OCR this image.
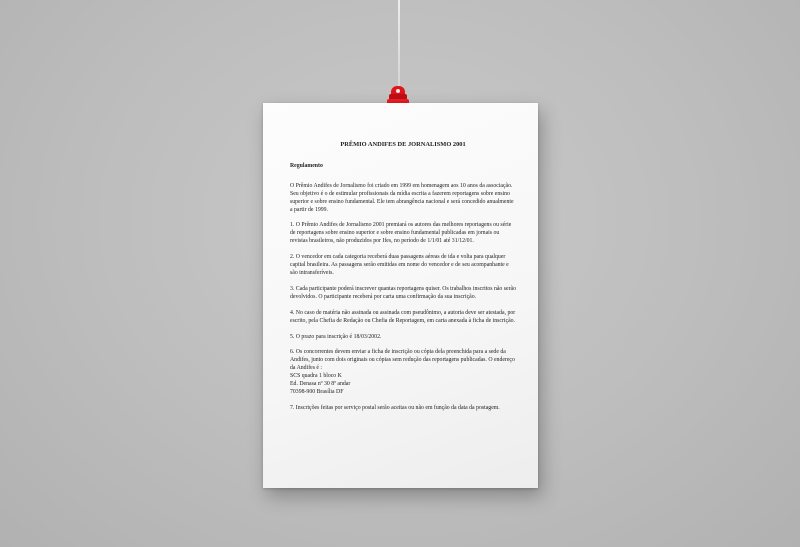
PRÊMIO ANDIFES DE JORNALISMO 2001
Regulamento
O Prêmio Andifes de Jornalismo foi criado em 1999 em homenagem aos 10 anos da associação. Seu objetivo é o de estimular profissionais da mídia escrita a fazerem reportagens sobre ensino superior e sobre ensino fundamental. Ele tem abrangência nacional e será concedido anualmente a partir de 1999.
1. O Prêmio Andifes de Jornalismo 2001 premiará os autores das melhores reportagens ou série de reportagens sobre ensino superior e sobre ensino fundamental publicadas em jornais ou revistas brasileiros, não produzidos por Ifes, no período de 1/1/01 até 31/12/01.
2. O vencedor em cada categoria receberá duas passagens aéreas de ida e volta para qualquer capital brasileira. As passagens serão emitidas em nome do vencedor e de seu acompanhante e são intransferíveis.
3. Cada participante poderá inscrever quantas reportagens quiser. Os trabalhos inscritos não serão devolvidos. O participante receberá por carta uma confirmação da sua inscrição.
4. No caso de matéria não assinada ou assinada com pseudônimo, a autoria deve ser atestada, por escrito, pela Chefia de Redação ou Chefia de Reportagem, em carta anexada à ficha de inscrição.
5. O prazo para inscrição é 18/03/2002.
6. Os concorrentes devem enviar a ficha de inscrição ou cópia dela preenchida para a sede da Andifes, junto com dois originais ou cópias sem redução das reportagens publicadas. O endereço da Andifes é :
SCS quadra 1 bloco K
Ed. Denasa nº 30 8º andar
70398-900 Brasília DF
7. Inscrições feitas por serviço postal serão aceitas ou não em função da data da postagem.
